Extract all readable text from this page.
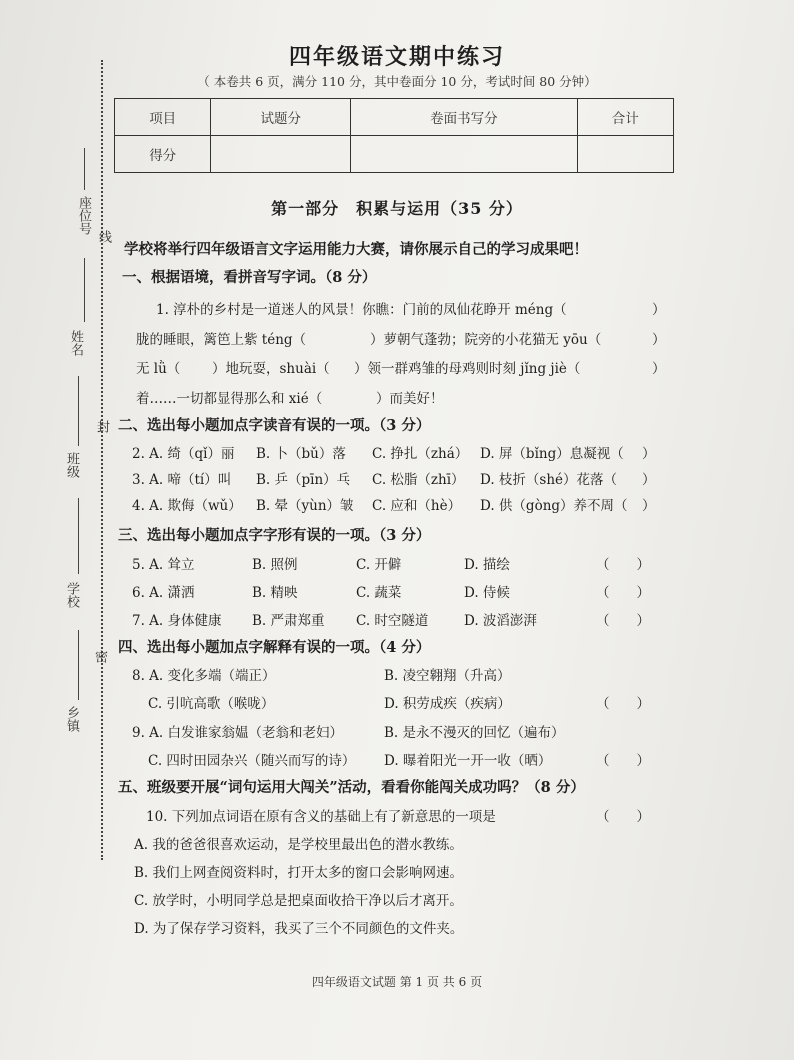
座位号
线
姓名
封
班级
学校
密
乡镇
四年级语文期中练习
（ 本卷共 6 页，满分 110 分，其中卷面分 10 分，考试时间 80 分钟）
项目	试题分	卷面书写分	合计
得分			
第一部分　积累与运用（35 分）
学校将举行四年级语言文字运用能力大赛，请你展示自己的学习成果吧！
一、根据语境，看拼音写字词。（8 分）
1. 淳朴的乡村是一道迷人的风景！你瞧：门前的凤仙花睁开 méng（	）
胧的睡眼，篱笆上紫 téng（	）萝朝气蓬勃；院旁的小花猫无 yōu（	）
无 lǜ（ ）地玩耍，shuài（ ）领一群鸡雏的母鸡则时刻 jǐng jiè（	）
着……一切都显得那么和 xié（	）而美好！
二、选出每小题加点字读音有误的一项。（3 分）
2. A. 绮（qǐ）丽 B. 卜（bǔ）落 C. 挣扎（zhá） D. 屏（bǐng）息凝视（ ）
3. A. 啼（tí）叫 B. 乒（pīn）乓 C. 松脂（zhī） D. 枝折（shé）花落（ ）
4. A. 欺侮（wǔ） B. 晕（yùn）皱 C. 应和（hè） D. 供（gòng）养不周（ ）
三、选出每小题加点字字形有误的一项。（3 分）
5. A. 耸立	B. 照例	C. 开僻	D. 描绘	（　　）
6. A. 潇洒	B. 精映	C. 蔬菜	D. 侍候	（　　）
7. A. 身体健康 B. 严肃郑重 C. 时空隧道	D. 波滔澎湃	（　　）
四、选出每小题加点字解释有误的一项。（4 分）
8. A. 变化多端（端正）	B. 凌空翱翔（升高）
C. 引吭高歌（喉咙）	D. 积劳成疾（疾病）	（　　）
9. A. 白发谁家翁媪（老翁和老妇）	B. 是永不漫灭的回忆（遍布）
C. 四时田园杂兴（随兴而写的诗） D. 曝着阳光一开一收（晒）	（　　）
五、班级要开展“词句运用大闯关”活动，看看你能闯关成功吗？（8 分）
10. 下列加点词语在原有含义的基础上有了新意思的一项是	（　　）
A. 我的爸爸很喜欢运动，是学校里最出色的潜水教练。
B. 我们上网查阅资料时，打开太多的窗口会影响网速。
C. 放学时，小明同学总是把桌面收拾干净以后才离开。
D. 为了保存学习资料，我买了三个不同颜色的文件夹。
四年级语文试题 第 1 页 共 6 页
